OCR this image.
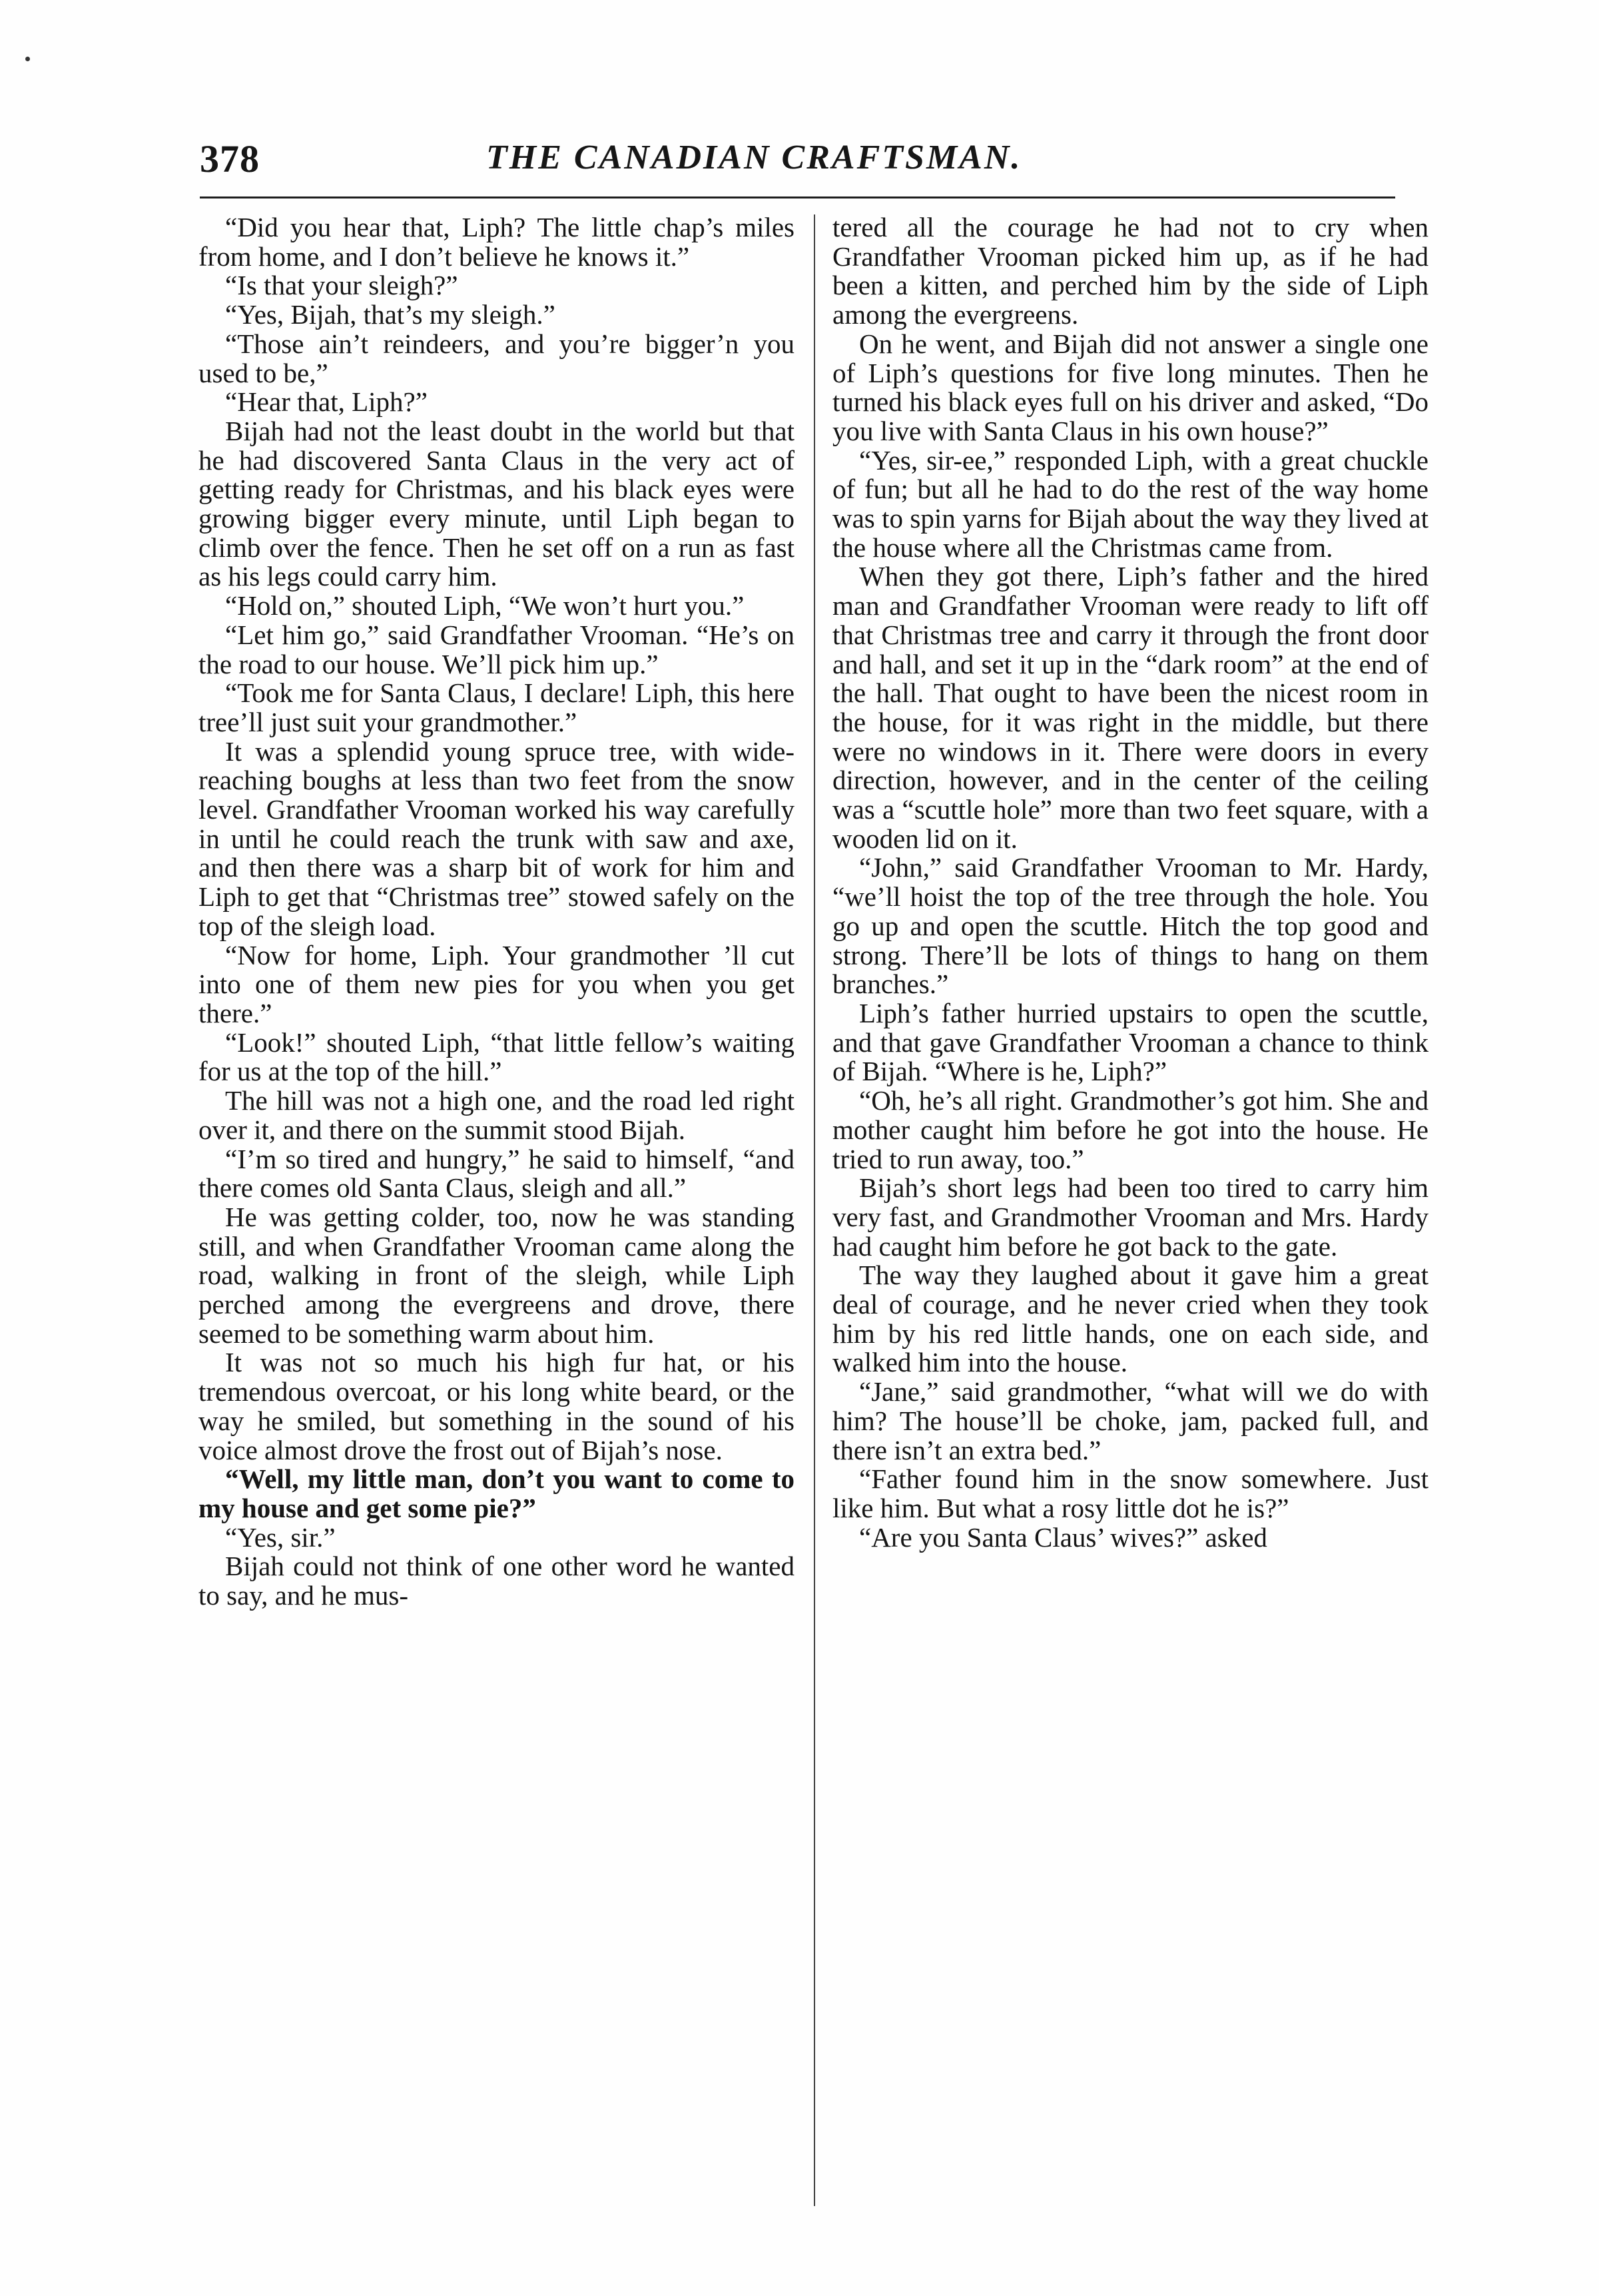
378	THE CANADIAN CRAFTSMAN.

“Did you hear that, Liph? The little chap’s miles from home, and I don’t believe he knows it.”

“Is that your sleigh?”

“Yes, Bijah, that’s my sleigh.”

“Those ain’t reindeers, and you’re bigger’n you used to be,”

“Hear that, Liph?”

Bijah had not the least doubt in the world but that he had discovered Santa Claus in the very act of getting ready for Christmas, and his black eyes were growing bigger every minute, until Liph began to climb over the fence. Then he set off on a run as fast as his legs could carry him.

“Hold on,” shouted Liph, “We won’t hurt you.”

“Let him go,” said Grandfather Vrooman. “He’s on the road to our house. We’ll pick him up.”

“Took me for Santa Claus, I declare! Liph, this here tree’ll just suit your grandmother.”

It was a splendid young spruce tree, with wide-reaching boughs at less than two feet from the snow level. Grandfather Vrooman worked his way carefully in until he could reach the trunk with saw and axe, and then there was a sharp bit of work for him and Liph to get that “Christmas tree” stowed safely on the top of the sleigh load.

“Now for home, Liph. Your grandmother ’ll cut into one of them new pies for you when you get there.”

“Look!” shouted Liph, “that little fellow’s waiting for us at the top of the hill.”

The hill was not a high one, and the road led right over it, and there on the summit stood Bijah.

“I’m so tired and hungry,” he said to himself, “and there comes old Santa Claus, sleigh and all.”

He was getting colder, too, now he was standing still, and when Grandfather Vrooman came along the road, walking in front of the sleigh, while Liph perched among the evergreens and drove, there seemed to be something warm about him.

It was not so much his high fur hat, or his tremendous overcoat, or his long white beard, or the way he smiled, but something in the sound of his voice almost drove the frost out of Bijah’s nose.

“Well, my little man, don’t you want to come to my house and get some pie?”

“Yes, sir.”

Bijah could not think of one other word he wanted to say, and he mus-

tered all the courage he had not to cry when Grandfather Vrooman picked him up, as if he had been a kitten, and perched him by the side of Liph among the evergreens.

On he went, and Bijah did not answer a single one of Liph’s questions for five long minutes. Then he turned his black eyes full on his driver and asked, “Do you live with Santa Claus in his own house?”

“Yes, sir-ee,” responded Liph, with a great chuckle of fun; but all he had to do the rest of the way home was to spin yarns for Bijah about the way they lived at the house where all the Christmas came from.

When they got there, Liph’s father and the hired man and Grandfather Vrooman were ready to lift off that Christmas tree and carry it through the front door and hall, and set it up in the “dark room” at the end of the hall. That ought to have been the nicest room in the house, for it was right in the middle, but there were no windows in it. There were doors in every direction, however, and in the center of the ceiling was a “scuttle hole” more than two feet square, with a wooden lid on it.

“John,” said Grandfather Vrooman to Mr. Hardy, “we’ll hoist the top of the tree through the hole. You go up and open the scuttle. Hitch the top good and strong. There’ll be lots of things to hang on them branches.”

Liph’s father hurried upstairs to open the scuttle, and that gave Grandfather Vrooman a chance to think of Bijah. “Where is he, Liph?”

“Oh, he’s all right. Grandmother’s got him. She and mother caught him before he got into the house. He tried to run away, too.”

Bijah’s short legs had been too tired to carry him very fast, and Grandmother Vrooman and Mrs. Hardy had caught him before he got back to the gate.

The way they laughed about it gave him a great deal of courage, and he never cried when they took him by his red little hands, one on each side, and walked him into the house.

“Jane,” said grandmother, “what will we do with him? The house’ll be choke, jam, packed full, and there isn’t an extra bed.”

“Father found him in the snow somewhere. Just like him. But what a rosy little dot he is?”

“Are you Santa Claus’ wives?” asked
